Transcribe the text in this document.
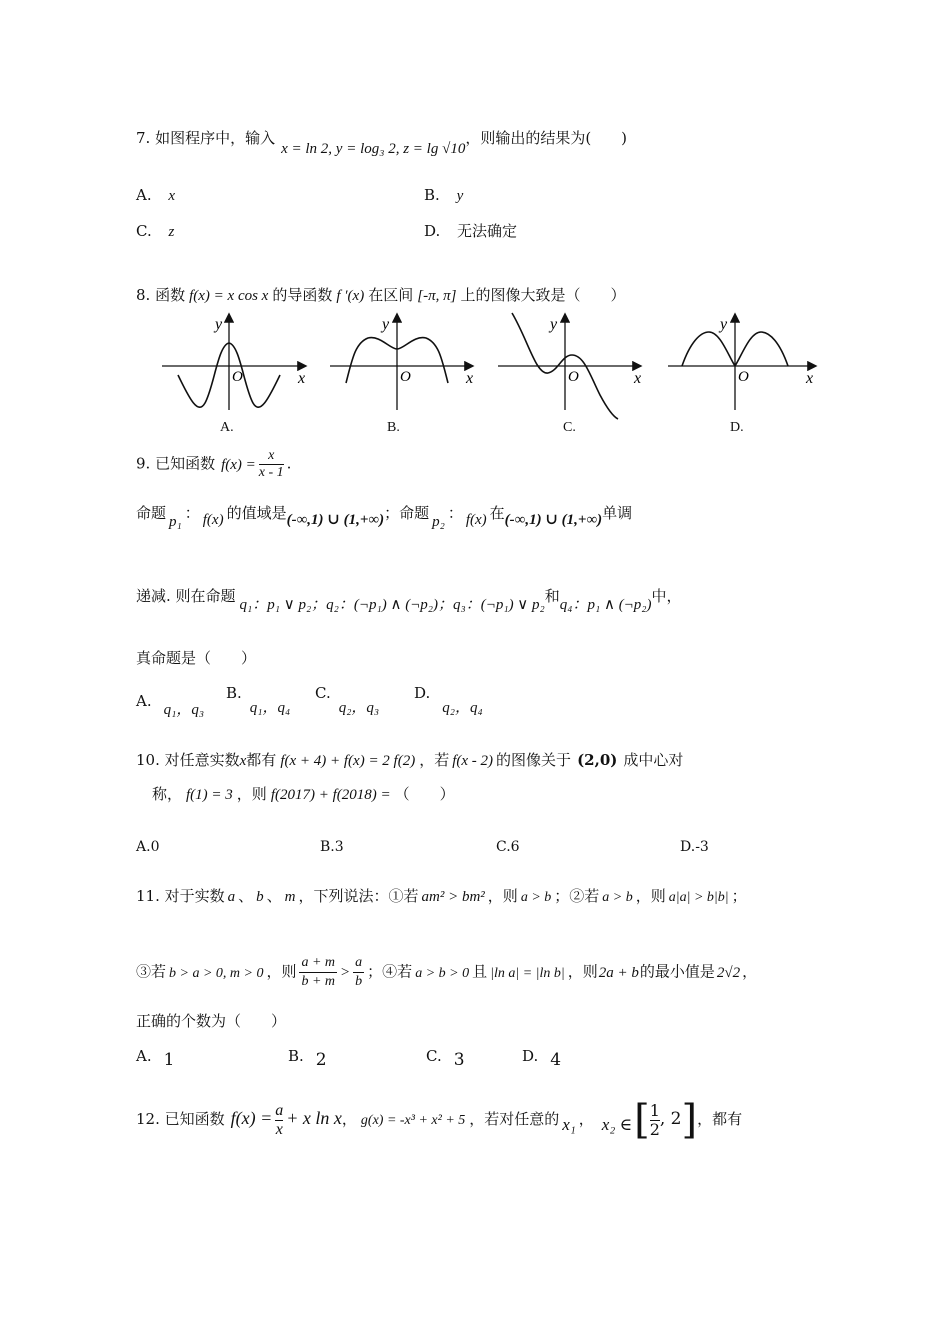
7. 如图程序中，输入x = ln 2, y = log₃ 2, z = lg √10，则输出的结果为(　　)
A. x	B. y
C. z	D. 无法确定
8. 函数 f(x) = x cos x 的导函数 f ′(x) 在区间 [-π, π] 上的图像大致是（　　）
y
x
O
y
x
O
y
x
O
y
x
O
A.	B.	C.	D.
9. 已知函数 $f(x) = \frac{x}{x - 1}$ .
命题 p₁ ： f(x) 的值域是(-∞,1) ∪ (1,+∞)；命题 p₂ ： f(x) 在(-∞,1) ∪ (1,+∞)单调
递减. 则在命题 q₁：p₁ ∨ p₂；q₂：(¬p₁) ∧ (¬p₂)；q₃：(¬p₁) ∨ p₂和q₄：p₁ ∧ (¬p₂)中，
真命题是（　　）
A. q₁，q₃
B.q₁，q₄
C.q₂，q₃
D.q₂，q₄
10. 对任意实数x都有 f(x + 4) + f(x) = 2 f(2) ，若 f(x - 2) 的图像关于 (2,0) 成中心对
称， f(1) = 3 ，则 f(2017) + f(2018) = （　　）
A.0	B.3	C.6	D.-3
11. 对于实数 a 、 b 、 m ，下列说法：①若 am² > bm² ，则 a > b ；②若 a > b ，则 a|a| > b|b| ；
③若 b > a > 0, m > 0 ，则 $\frac{a + m}{b + m} > \frac{a}{b}$ ；④若 a > b > 0 且 |ln a| = |ln b| ，则2a + b的最小值是 2√2 ，
正确的个数为（　　）
A. 1	B. 2	C. 3	D. 4
12. 已知函数 $f(x) = \frac{a}{x} + x$ ln x， g(x) = -x³ + x² + 5 ，若对任意的 x₁ ， x₂ ∈[ $\frac{1}{2}$ , 2]，都有
